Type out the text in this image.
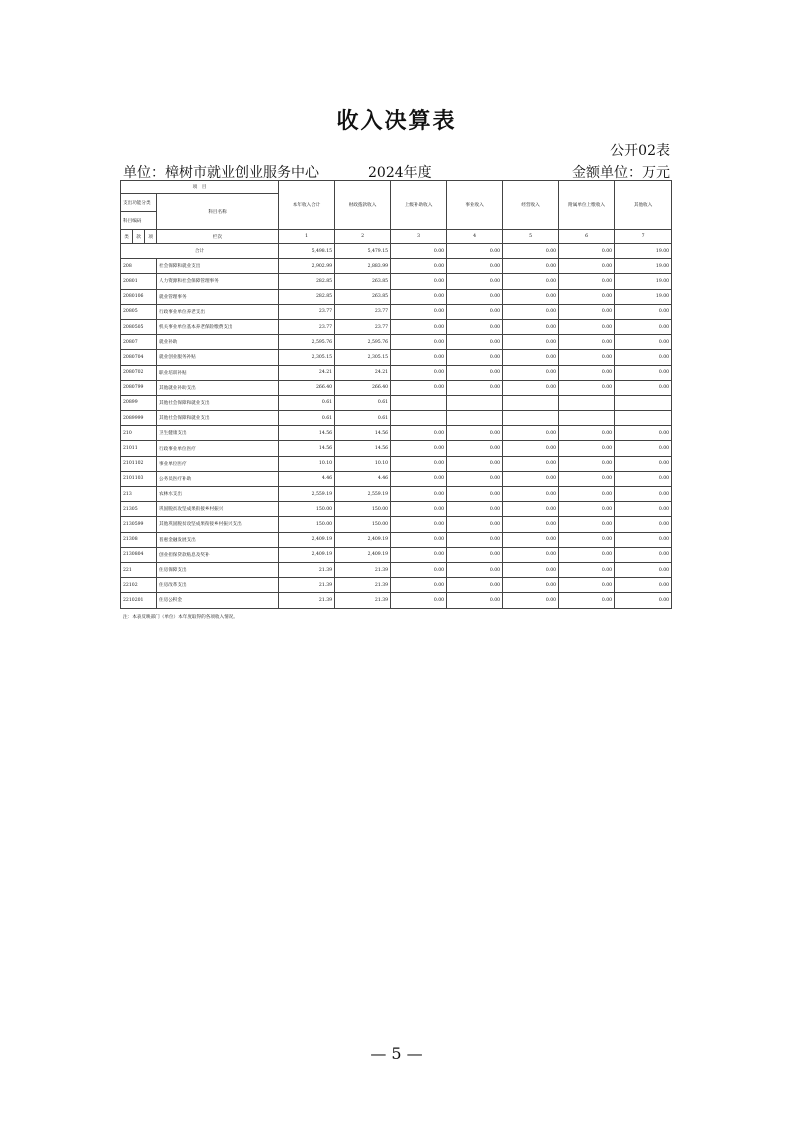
收入决算表
公开02表
单位：樟树市就业创业服务中心	2024年度	金额单位：万元
项　目				本年收入合计	财政拨款收入	上级补助收入	事业收入	经营收入	附属单位上缴收入	其他收入
支出功能分类			科目名称							
科目编码										
类	款	项	栏次	1	2	3	4	5	6	7
合计				5,498.15	5,479.15	0.00	0.00	0.00	0.00	19.00
208			社会保障和就业支出	2,902.99	2,883.99	0.00	0.00	0.00	0.00	19.00
20801			人力资源和社会保障管理事务	282.85	263.85	0.00	0.00	0.00	0.00	19.00
2080106			就业管理事务	282.85	263.85	0.00	0.00	0.00	0.00	19.00
20805			行政事业单位养老支出	23.77	23.77	0.00	0.00	0.00	0.00	0.00
2080505			机关事业单位基本养老保险缴费支出	23.77	23.77	0.00	0.00	0.00	0.00	0.00
20807			就业补助	2,595.76	2,595.76	0.00	0.00	0.00	0.00	0.00
2080704			就业创业服务补贴	2,305.15	2,305.15	0.00	0.00	0.00	0.00	0.00
2080702			职业培训补贴	24.21	24.21	0.00	0.00	0.00	0.00	0.00
2080799			其他就业补助支出	266.40	266.40	0.00	0.00	0.00	0.00	0.00
20899			其他社会保障和就业支出	0.61	0.61					
2089999			其他社会保障和就业支出	0.61	0.61					
210			卫生健康支出	14.56	14.56	0.00	0.00	0.00	0.00	0.00
21011			行政事业单位医疗	14.56	14.56	0.00	0.00	0.00	0.00	0.00
2101102			事业单位医疗	10.10	10.10	0.00	0.00	0.00	0.00	0.00
2101103			公务员医疗补助	4.46	4.46	0.00	0.00	0.00	0.00	0.00
213			农林水支出	2,559.19	2,559.19	0.00	0.00	0.00	0.00	0.00
21305			巩固脱贫攻坚成果衔接乡村振兴	150.00	150.00	0.00	0.00	0.00	0.00	0.00
2130599			其他巩固脱贫攻坚成果衔接乡村振兴支出	150.00	150.00	0.00	0.00	0.00	0.00	0.00
21308			普惠金融发展支出	2,409.19	2,409.19	0.00	0.00	0.00	0.00	0.00
2130804			创业担保贷款贴息及奖补	2,409.19	2,409.19	0.00	0.00	0.00	0.00	0.00
221			住房保障支出	21.39	21.39	0.00	0.00	0.00	0.00	0.00
22102			住房改革支出	21.39	21.39	0.00	0.00	0.00	0.00	0.00
2210201			住房公积金	21.39	21.39	0.00	0.00	0.00	0.00	0.00
注：本表反映部门（单位）本年度取得的各项收入情况。
— 5 —
